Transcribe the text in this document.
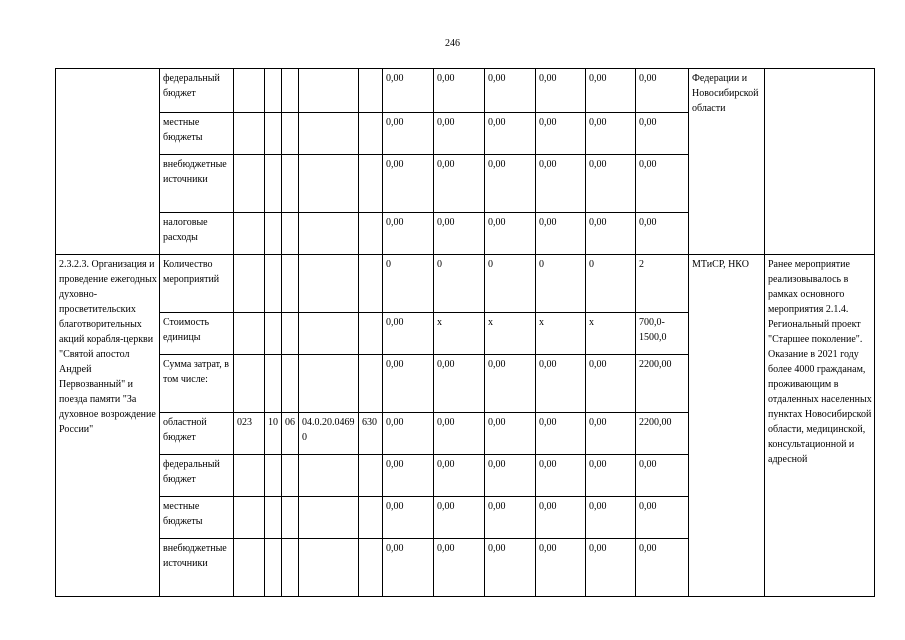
246
	федеральный бюджет						0,00	0,00	0,00	0,00	0,00	0,00	Федерации и Новосибирской области	
	местные бюджеты						0,00	0,00	0,00	0,00	0,00	0,00		
	внебюджетные источники						0,00	0,00	0,00	0,00	0,00	0,00		
	налоговые расходы						0,00	0,00	0,00	0,00	0,00	0,00		
2.3.2.3. Организация и проведение ежегодных духовно-просветительских благотворительных акций корабля-церкви "Святой апостол Андрей Первозванный" и поезда памяти "За духовное возрождение России"	Количество мероприятий						0	0	0	0	0	2	МТиСР, НКО	Ранее мероприятие реализовывалось в рамках основного мероприятия 2.1.4. Региональный проект "Старшее поколение". Оказание в 2021 году более 4000 гражданам, проживающим в отдаленных населенных пунктах Новосибирской области, медицинской, консультационной и адресной
	Стоимость единицы						0,00	х	х	х	х	700,0-1500,0		
	Сумма затрат, в том числе:						0,00	0,00	0,00	0,00	0,00	2200,00		
	областной бюджет	023	10	06	04.0.20.04690	630	0,00	0,00	0,00	0,00	0,00	2200,00		
	федеральный бюджет						0,00	0,00	0,00	0,00	0,00	0,00		
	местные бюджеты						0,00	0,00	0,00	0,00	0,00	0,00		
	внебюджетные источники						0,00	0,00	0,00	0,00	0,00	0,00		
